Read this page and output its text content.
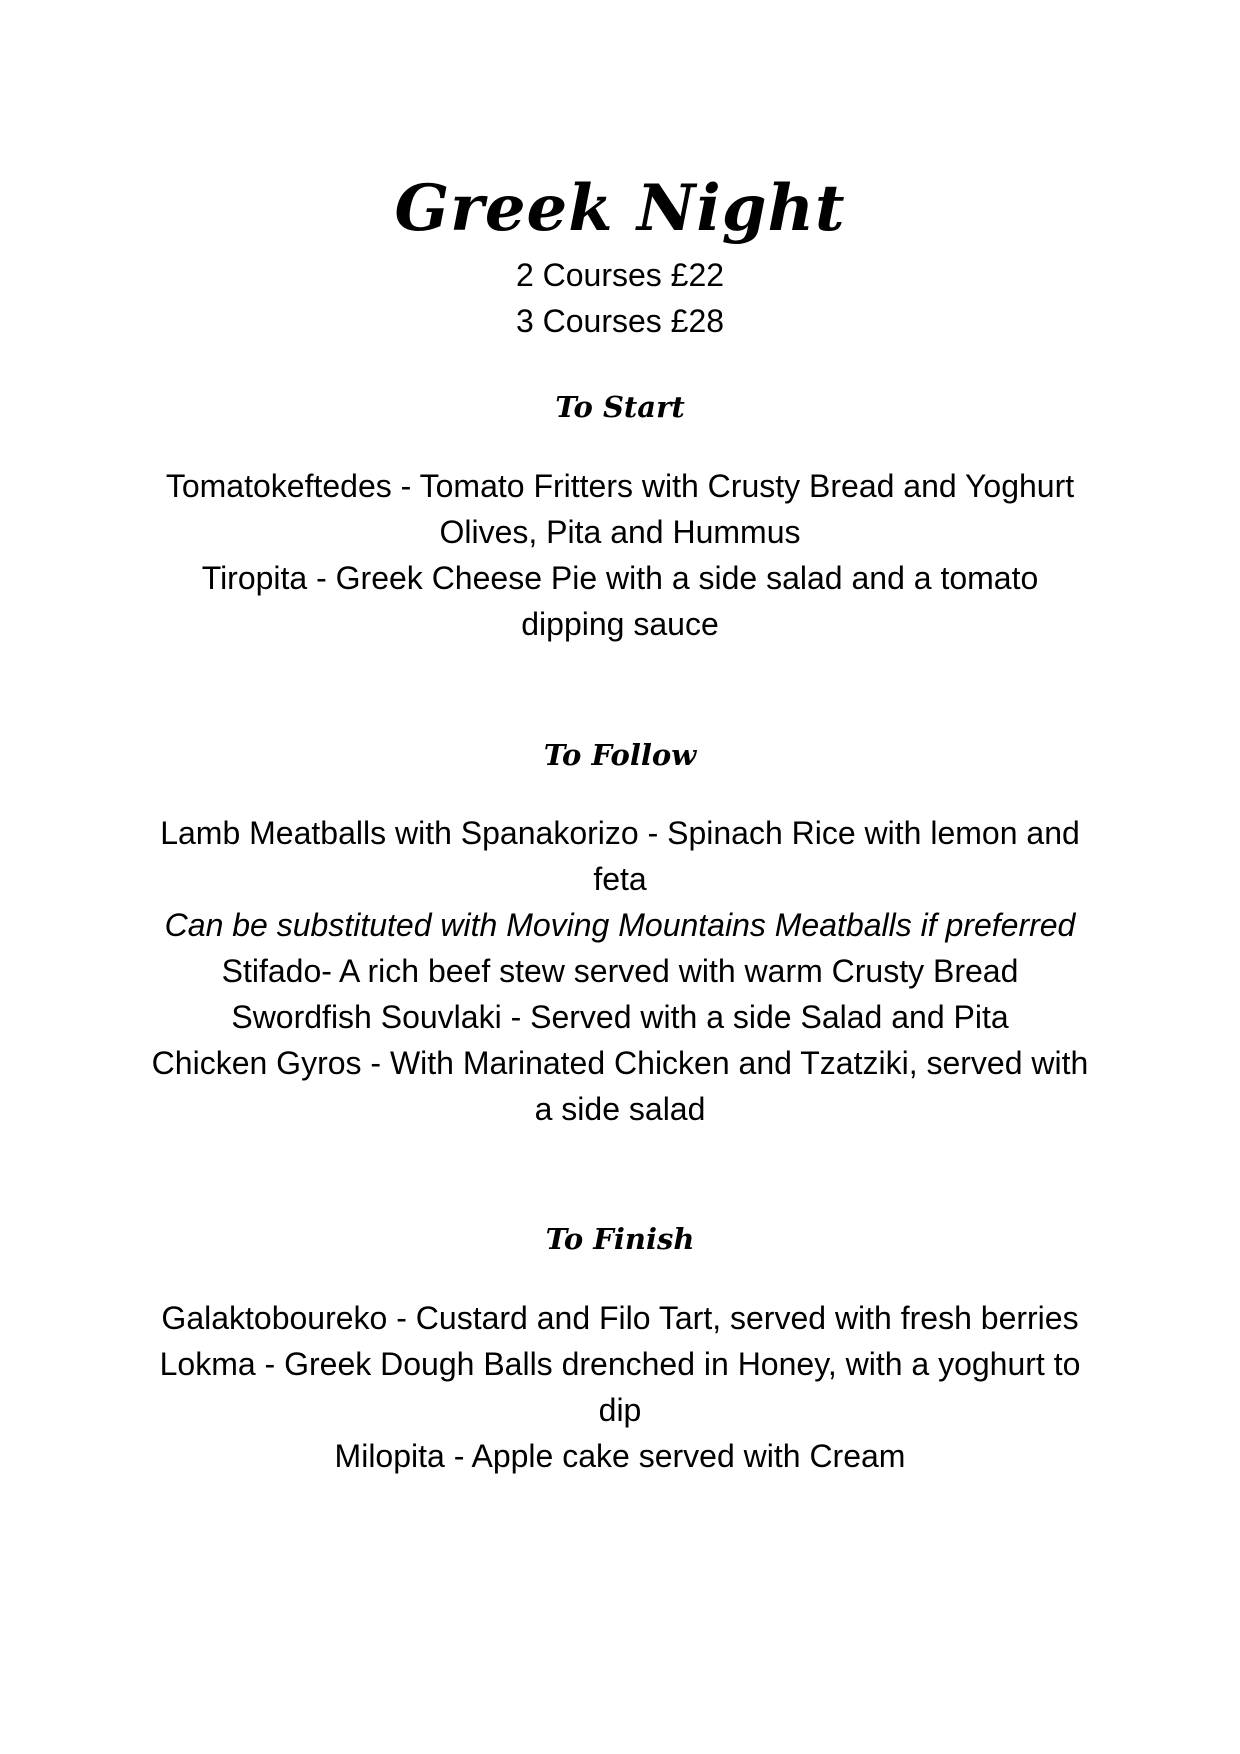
Greek Night
2 Courses £22
3 Courses £28
To Start

Tomatokeftedes - Tomato Fritters with Crusty Bread and Yoghurt

Olives, Pita and Hummus

Tiropita - Greek Cheese Pie with a side salad and a tomato dipping sauce

To Follow

Lamb Meatballs with Spanakorizo - Spinach Rice with lemon and feta

Can be substituted with Moving Mountains Meatballs if preferred

Stifado- A rich beef stew served with warm Crusty Bread

Swordfish Souvlaki - Served with a side Salad and Pita

Chicken Gyros - With Marinated Chicken and Tzatziki, served with a side salad

To Finish

Galaktoboureko - Custard and Filo Tart, served with fresh berries

Lokma - Greek Dough Balls drenched in Honey, with a yoghurt to dip

Milopita - Apple cake served with Cream
